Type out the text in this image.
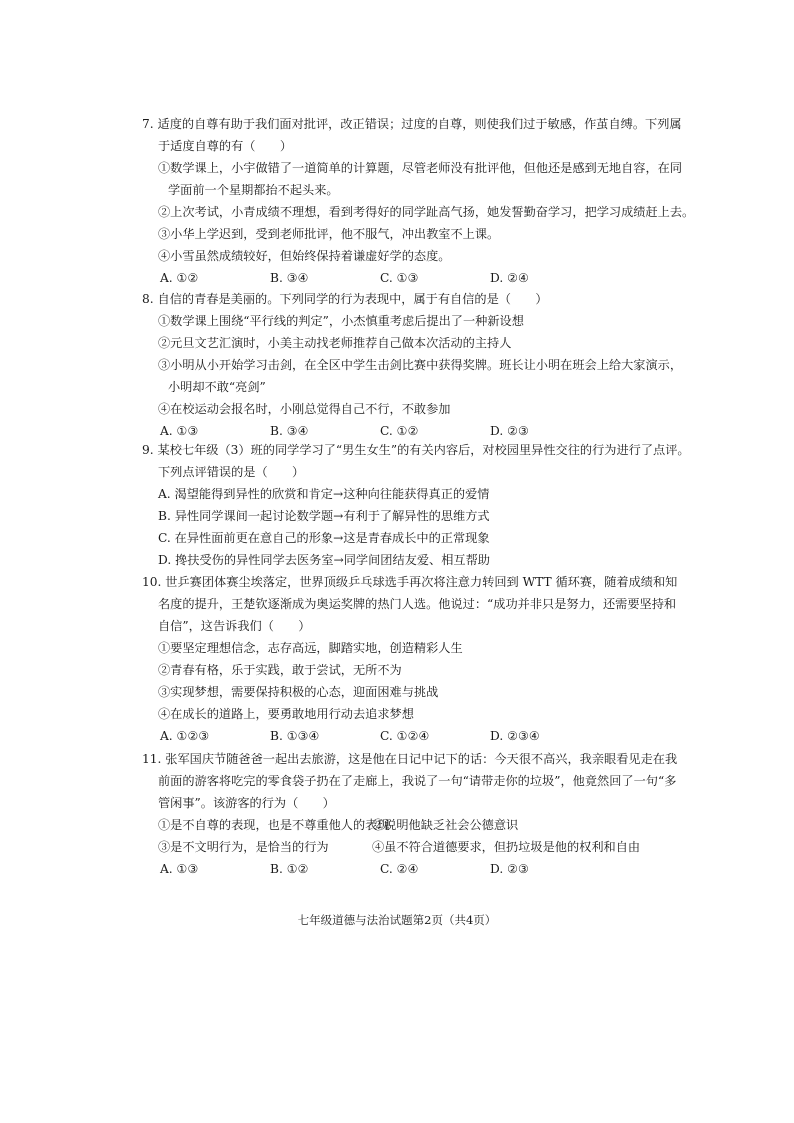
7. 适度的自尊有助于我们面对批评，改正错误；过度的自尊，则使我们过于敏感，作茧自缚。下列属
于适度自尊的有（　　）
①数学课上，小宇做错了一道简单的计算题，尽管老师没有批评他，但他还是感到无地自容，在同
学面前一个星期都抬不起头来。
②上次考试，小青成绩不理想，看到考得好的同学趾高气扬，她发誓勤奋学习，把学习成绩赶上去。
③小华上学迟到，受到老师批评，他不服气，冲出教室不上课。
④小雪虽然成绩较好，但始终保持着谦虚好学的态度。
A. ①②	B. ③④	C. ①③	D. ②④
8. 自信的青春是美丽的。下列同学的行为表现中，属于有自信的是（　　）
①数学课上围绕“平行线的判定”，小杰慎重考虑后提出了一种新设想
②元旦文艺汇演时，小美主动找老师推荐自己做本次活动的主持人
③小明从小开始学习击剑，在全区中学生击剑比赛中获得奖牌。班长让小明在班会上给大家演示，
小明却不敢“亮剑”
④在校运动会报名时，小刚总觉得自己不行，不敢参加
A. ①③	B. ③④	C. ①②	D. ②③
9. 某校七年级（3）班的同学学习了“男生女生”的有关内容后，对校园里异性交往的行为进行了点评。
下列点评错误的是（　　）
A. 渴望能得到异性的欣赏和肯定→这种向往能获得真正的爱情
B. 异性同学课间一起讨论数学题→有利于了解异性的思维方式
C. 在异性面前更在意自己的形象→这是青春成长中的正常现象
D. 搀扶受伤的异性同学去医务室→同学间团结友爱、相互帮助
10. 世乒赛团体赛尘埃落定，世界顶级乒乓球选手再次将注意力转回到 WTT 循环赛，随着成绩和知
名度的提升，王楚钦逐渐成为奥运奖牌的热门人选。他说过：“成功并非只是努力，还需要坚持和
自信”，这告诉我们（　　）
①要坚定理想信念，志存高远，脚踏实地，创造精彩人生
②青春有格，乐于实践，敢于尝试，无所不为
③实现梦想，需要保持积极的心态，迎面困难与挑战
④在成长的道路上，要勇敢地用行动去追求梦想
A. ①②③	B. ①③④	C. ①②④	D. ②③④
11. 张军国庆节随爸爸一起出去旅游，这是他在日记中记下的话：今天很不高兴，我亲眼看见走在我
前面的游客将吃完的零食袋子扔在了走廊上，我说了一句“请带走你的垃圾”，他竟然回了一句“多
管闲事”。该游客的行为（　　）
①是不自尊的表现，也是不尊重他人的表现
②说明他缺乏社会公德意识
③是不文明行为，是恰当的行为	④虽不符合道德要求，但扔垃圾是他的权利和自由
A. ①③	B. ①②	C. ②④	D. ②③
七年级道德与法治试题第2页（共4页）
